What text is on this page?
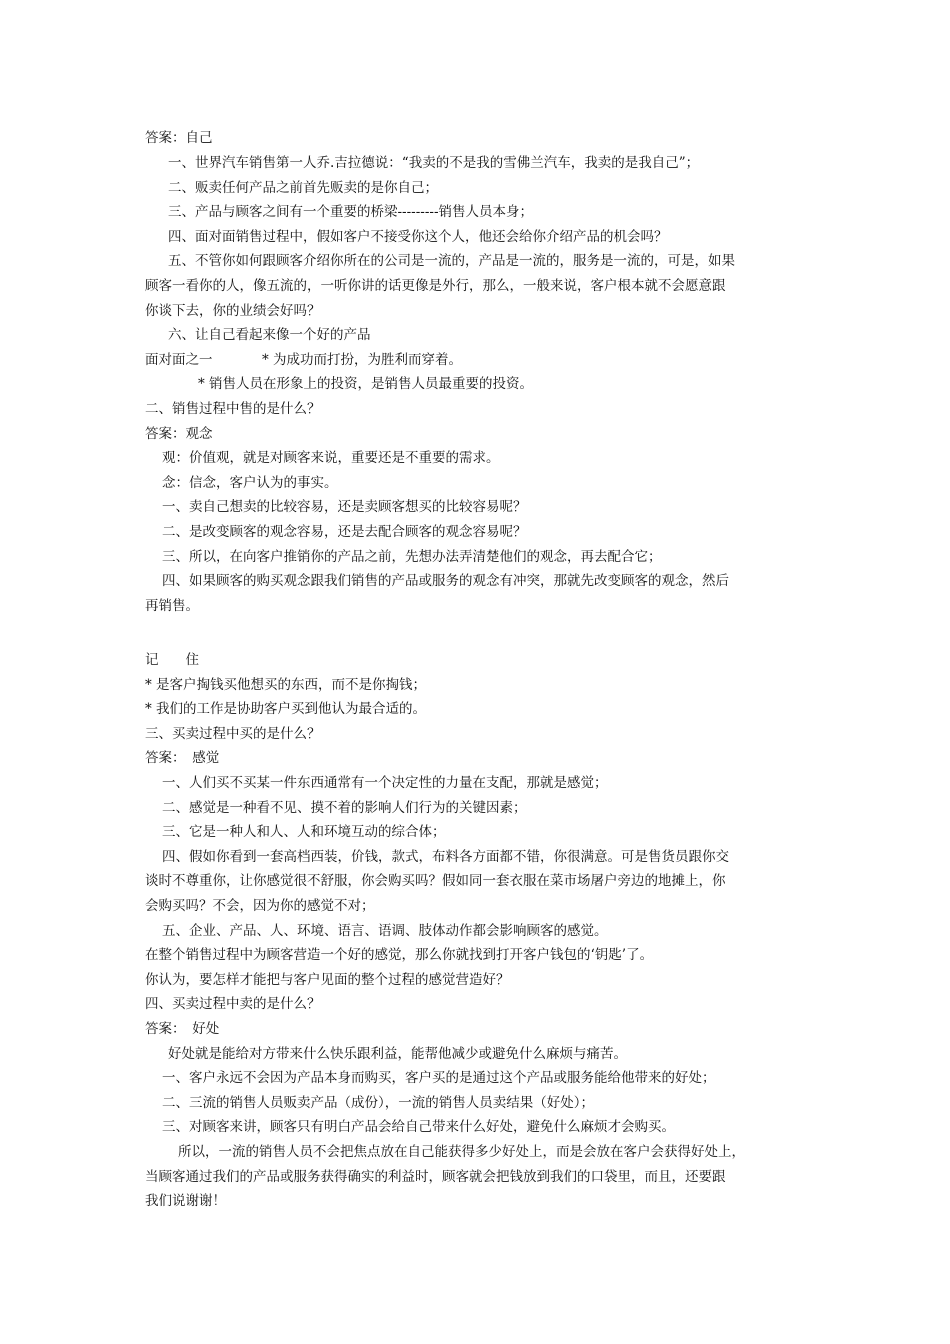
答案：自己
一、世界汽车销售第一人乔.吉拉德说：“我卖的不是我的雪佛兰汽车，我卖的是我自己”；
二、贩卖任何产品之前首先贩卖的是你自己；
三、产品与顾客之间有一个重要的桥梁---------销售人员本身；
四、面对面销售过程中，假如客户不接受你这个人，他还会给你介绍产品的机会吗？
五、不管你如何跟顾客介绍你所在的公司是一流的，产品是一流的，服务是一流的，可是，如果
顾客一看你的人，像五流的，一听你讲的话更像是外行，那么，一般来说，客户根本就不会愿意跟
你谈下去，你的业绩会好吗？
六、让自己看起来像一个好的产品
面对面之一	* 为成功而打扮，为胜利而穿着。
* 销售人员在形象上的投资，是销售人员最重要的投资。
二、销售过程中售的是什么？
答案：观念
观：价值观，就是对顾客来说，重要还是不重要的需求。
念：信念，客户认为的事实。
一、卖自己想卖的比较容易，还是卖顾客想买的比较容易呢？
二、是改变顾客的观念容易，还是去配合顾客的观念容易呢？
三、所以，在向客户推销你的产品之前，先想办法弄清楚他们的观念，再去配合它；
四、如果顾客的购买观念跟我们销售的产品或服务的观念有冲突，那就先改变顾客的观念，然后
再销售。
记　　住
* 是客户掏钱买他想买的东西，而不是你掏钱；
* 我们的工作是协助客户买到他认为最合适的。
三、买卖过程中买的是什么？
答案：　感觉
一、人们买不买某一件东西通常有一个决定性的力量在支配，那就是感觉；
二、感觉是一种看不见、摸不着的影响人们行为的关键因素；
三、它是一种人和人、人和环境互动的综合体；
四、假如你看到一套高档西装，价钱，款式，布料各方面都不错，你很满意。可是售货员跟你交
谈时不尊重你，让你感觉很不舒服，你会购买吗？假如同一套衣服在菜市场屠户旁边的地摊上，你
会购买吗？不会，因为你的感觉不对；
五、企业、产品、人、环境、语言、语调、肢体动作都会影响顾客的感觉。
在整个销售过程中为顾客营造一个好的感觉，那么你就找到打开客户钱包的‘钥匙’了。
你认为，要怎样才能把与客户见面的整个过程的感觉营造好？
四、买卖过程中卖的是什么？
答案：　好处
好处就是能给对方带来什么快乐跟利益，能帮他减少或避免什么麻烦与痛苦。
一、客户永远不会因为产品本身而购买，客户买的是通过这个产品或服务能给他带来的好处；
二、三流的销售人员贩卖产品（成份），一流的销售人员卖结果（好处）；
三、对顾客来讲，顾客只有明白产品会给自己带来什么好处，避免什么麻烦才会购买。
所以，一流的销售人员不会把焦点放在自己能获得多少好处上，而是会放在客户会获得好处上，
当顾客通过我们的产品或服务获得确实的利益时，顾客就会把钱放到我们的口袋里，而且，还要跟
我们说谢谢！
